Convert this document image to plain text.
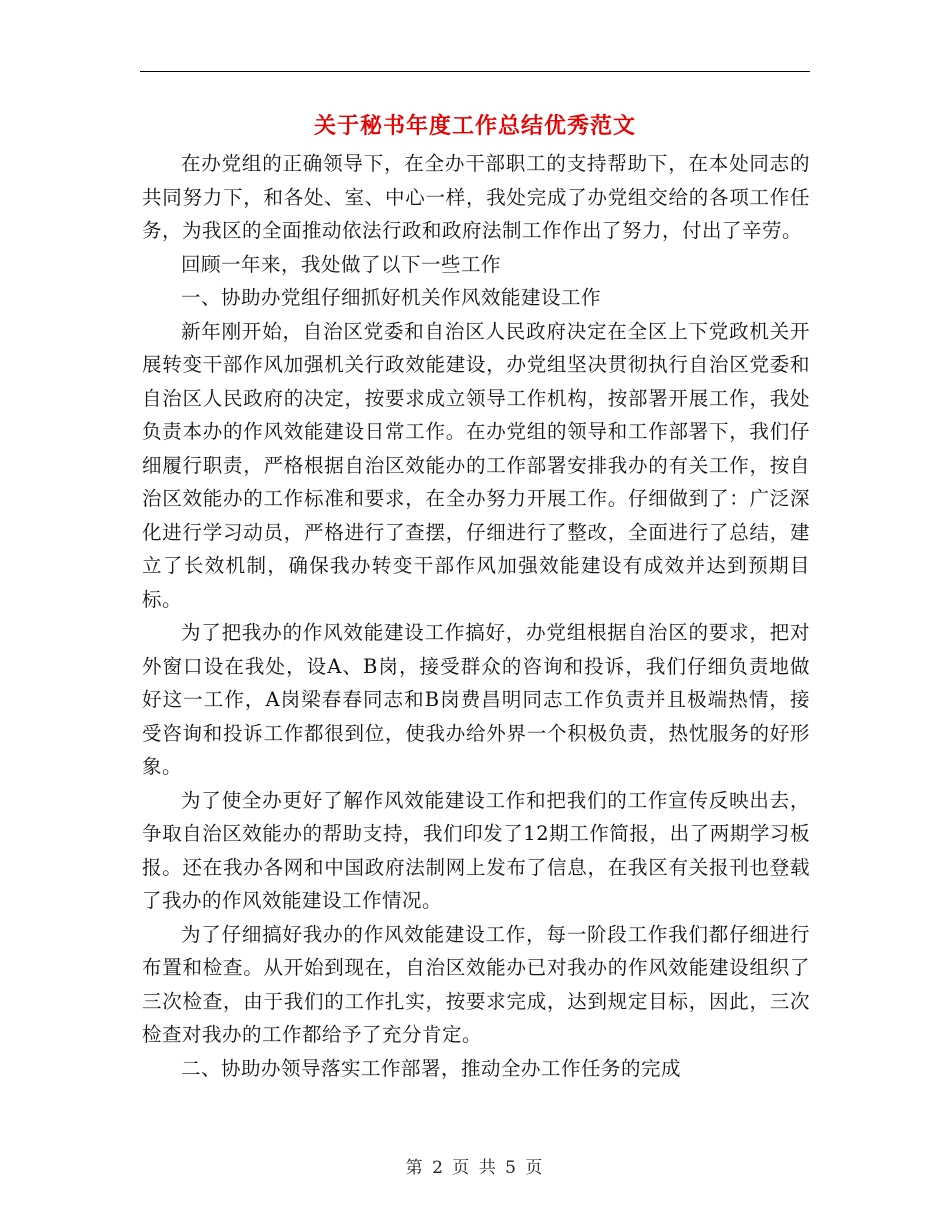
关于秘书年度工作总结优秀范文

在办党组的正确领导下，在全办干部职工的支持帮助下，在本处同志的共同努力下，和各处、室、中心一样，我处完成了办党组交给的各项工作任务，为我区的全面推动依法行政和政府法制工作作出了努力，付出了辛劳。

回顾一年来，我处做了以下一些工作

一、协助办党组仔细抓好机关作风效能建设工作

新年刚开始，自治区党委和自治区人民政府决定在全区上下党政机关开展转变干部作风加强机关行政效能建设，办党组坚决贯彻执行自治区党委和自治区人民政府的决定，按要求成立领导工作机构，按部署开展工作，我处负责本办的作风效能建设日常工作。在办党组的领导和工作部署下，我们仔细履行职责，严格根据自治区效能办的工作部署安排我办的有关工作，按自治区效能办的工作标准和要求，在全办努力开展工作。仔细做到了：广泛深化进行学习动员，严格进行了查摆，仔细进行了整改，全面进行了总结，建立了长效机制，确保我办转变干部作风加强效能建设有成效并达到预期目标。

为了把我办的作风效能建设工作搞好，办党组根据自治区的要求，把对外窗口设在我处，设A、B岗，接受群众的咨询和投诉，我们仔细负责地做好这一工作，A岗梁春春同志和B岗费昌明同志工作负责并且极端热情，接受咨询和投诉工作都很到位，使我办给外界一个积极负责，热忱服务的好形象。

为了使全办更好了解作风效能建设工作和把我们的工作宣传反映出去，争取自治区效能办的帮助支持，我们印发了12期工作简报，出了两期学习板报。还在我办各网和中国政府法制网上发布了信息，在我区有关报刊也登载了我办的作风效能建设工作情况。

为了仔细搞好我办的作风效能建设工作，每一阶段工作我们都仔细进行布置和检查。从开始到现在，自治区效能办已对我办的作风效能建设组织了三次检查，由于我们的工作扎实，按要求完成，达到规定目标，因此，三次检查对我办的工作都给予了充分肯定。

二、协助办领导落实工作部署，推动全办工作任务的完成

第 2 页 共 5 页
